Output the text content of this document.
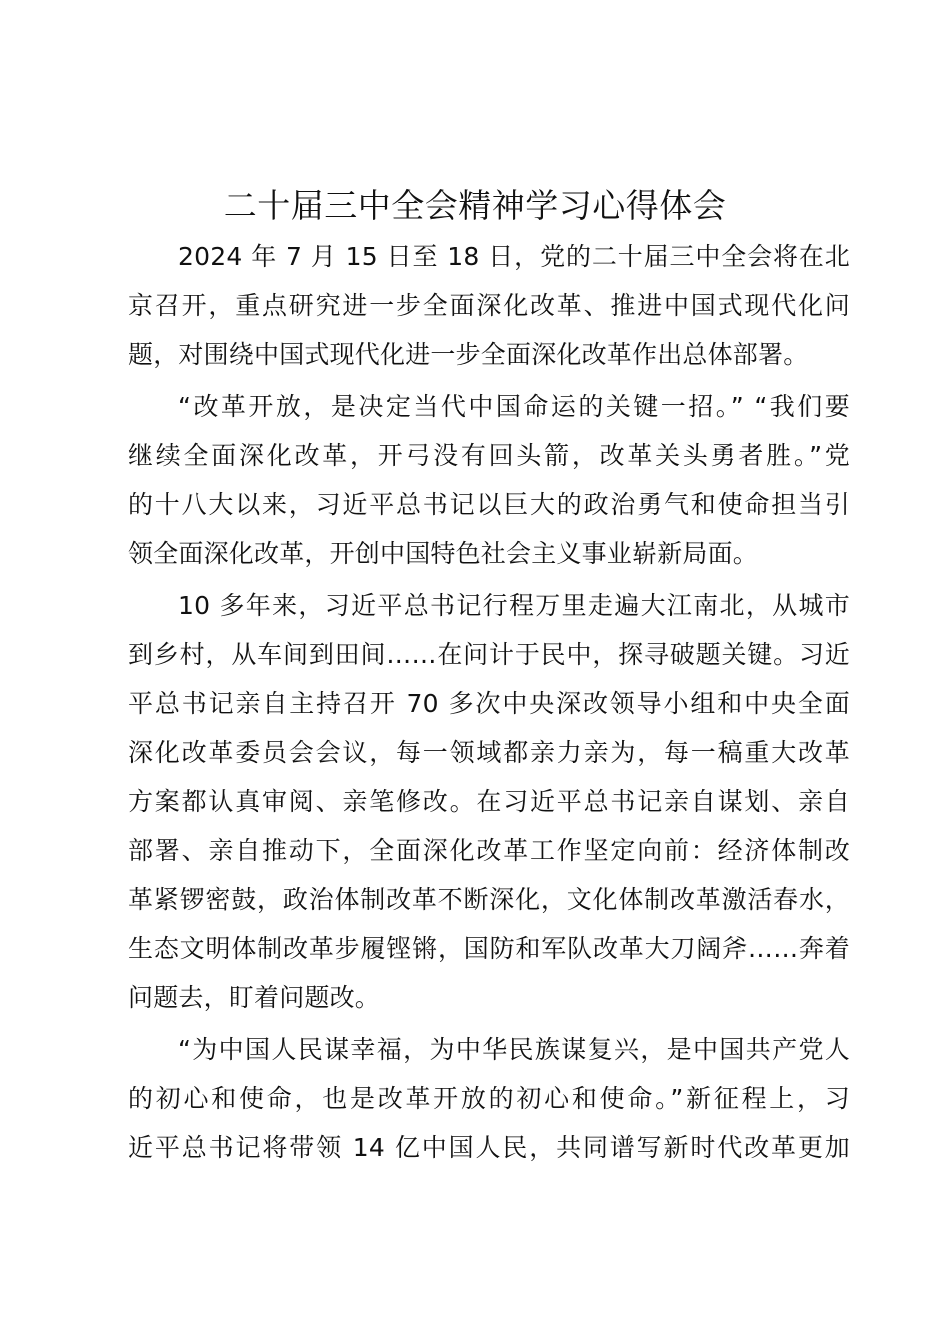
二十届三中全会精神学习心得体会
2024 年 7 月 15 日至 18 日，党的二十届三中全会将在北
京召开，重点研究进一步全面深化改革、推进中国式现代化问
题，对围绕中国式现代化进一步全面深化改革作出总体部署。
“改革开放，是决定当代中国命运的关键一招。” “我们要
继续全面深化改革，开弓没有回头箭，改革关头勇者胜。”党
的十八大以来，习近平总书记以巨大的政治勇气和使命担当引
领全面深化改革，开创中国特色社会主义事业崭新局面。
10 多年来，习近平总书记行程万里走遍大江南北，从城市
到乡村，从车间到田间……在问计于民中，探寻破题关键。习近
平总书记亲自主持召开 70 多次中央深改领导小组和中央全面
深化改革委员会会议，每一领域都亲力亲为，每一稿重大改革
方案都认真审阅、亲笔修改。在习近平总书记亲自谋划、亲自
部署、亲自推动下，全面深化改革工作坚定向前：经济体制改
革紧锣密鼓，政治体制改革不断深化，文化体制改革激活春水，
生态文明体制改革步履铿锵，国防和军队改革大刀阔斧……奔着
问题去，盯着问题改。
“为中国人民谋幸福，为中华民族谋复兴，是中国共产党人
的初心和使命，也是改革开放的初心和使命。”新征程上，习
近平总书记将带领 14 亿中国人民，共同谱写新时代改革更加
